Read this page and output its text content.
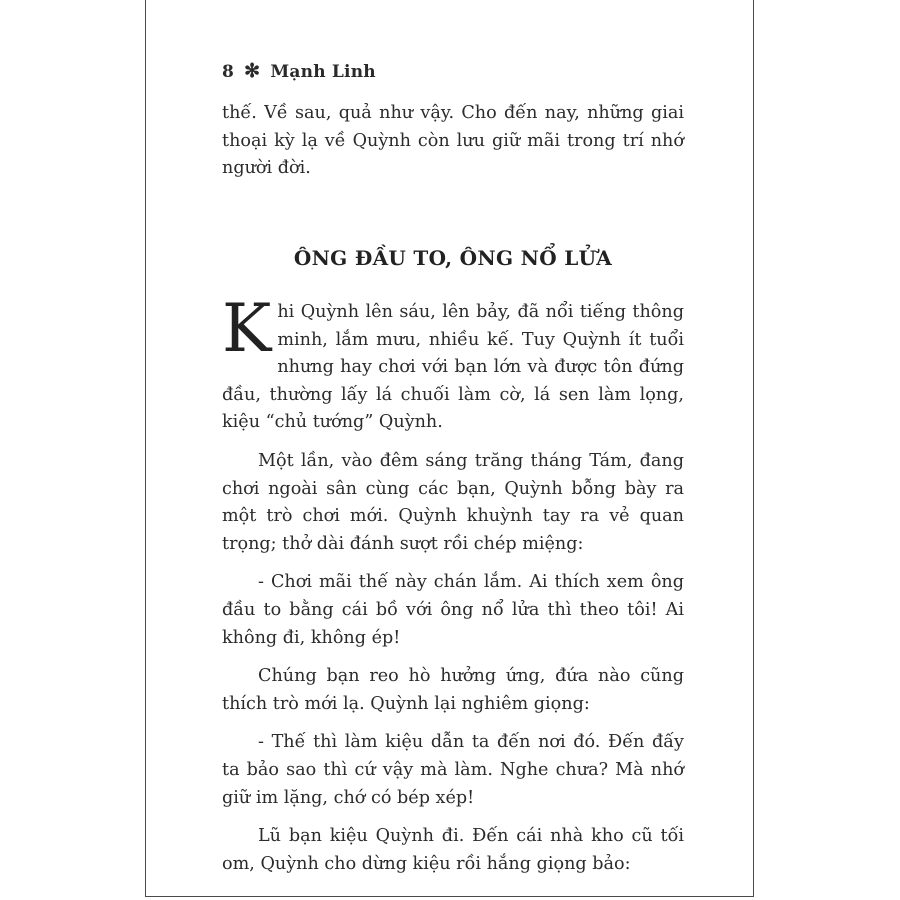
8 ✻ Mạnh Linh

thế. Về sau, quả như vậy. Cho đến nay, những giai thoại kỳ lạ về Quỳnh còn lưu giữ mãi trong trí nhớ người đời.

ÔNG ĐẦU TO, ÔNG NỔ LỬA

Khi Quỳnh lên sáu, lên bảy, đã nổi tiếng thông minh, lắm mưu, nhiều kế. Tuy Quỳnh ít tuổi nhưng hay chơi với bạn lớn và được tôn đứng đầu, thường lấy lá chuối làm cờ, lá sen làm lọng, kiệu “chủ tướng” Quỳnh.

Một lần, vào đêm sáng trăng tháng Tám, đang chơi ngoài sân cùng các bạn, Quỳnh bỗng bày ra một trò chơi mới. Quỳnh khuỳnh tay ra vẻ quan trọng; thở dài đánh sượt rồi chép miệng:

- Chơi mãi thế này chán lắm. Ai thích xem ông đầu to bằng cái bồ với ông nổ lửa thì theo tôi! Ai không đi, không ép!

Chúng bạn reo hò hưởng ứng, đứa nào cũng thích trò mới lạ. Quỳnh lại nghiêm giọng:

- Thế thì làm kiệu dẫn ta đến nơi đó. Đến đấy ta bảo sao thì cứ vậy mà làm. Nghe chưa? Mà nhớ giữ im lặng, chớ có bép xép!

Lũ bạn kiệu Quỳnh đi. Đến cái nhà kho cũ tối om, Quỳnh cho dừng kiệu rồi hắng giọng bảo:
